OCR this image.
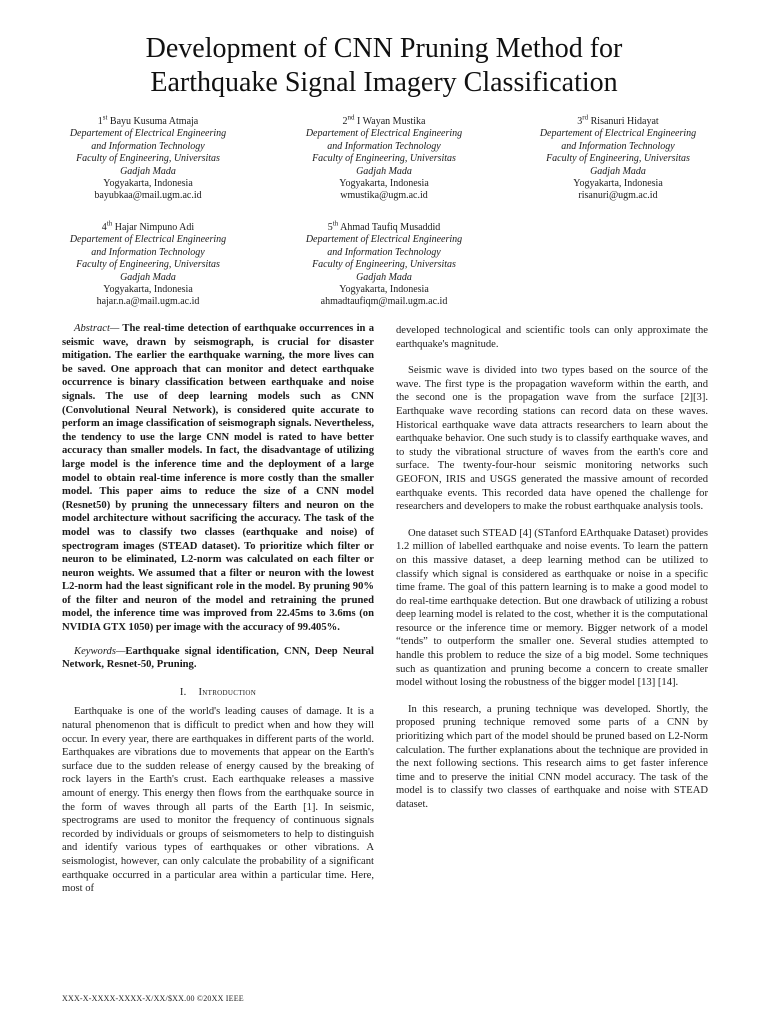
Development of CNN Pruning Method for
Earthquake Signal Imagery Classification
1st Bayu Kusuma Atmaja
Departement of Electrical Engineering
and Information Technology
Faculty of Engineering, Universitas
Gadjah Mada
Yogyakarta, Indonesia
bayubkaa@mail.ugm.ac.id
2nd I Wayan Mustika
Departement of Electrical Engineering
and Information Technology
Faculty of Engineering, Universitas
Gadjah Mada
Yogyakarta, Indonesia
wmustika@ugm.ac.id
3rd Risanuri Hidayat
Departement of Electrical Engineering
and Information Technology
Faculty of Engineering, Universitas
Gadjah Mada
Yogyakarta, Indonesia
risanuri@ugm.ac.id
4th Hajar Nimpuno Adi
Departement of Electrical Engineering
and Information Technology
Faculty of Engineering, Universitas
Gadjah Mada
Yogyakarta, Indonesia
hajar.n.a@mail.ugm.ac.id
5th Ahmad Taufiq Musaddid
Departement of Electrical Engineering
and Information Technology
Faculty of Engineering, Universitas
Gadjah Mada
Yogyakarta, Indonesia
ahmadtaufiqm@mail.ugm.ac.id

Abstract— The real-time detection of earthquake occurrences in a seismic wave, drawn by seismograph, is crucial for disaster mitigation. The earlier the earthquake warning, the more lives can be saved. One approach that can monitor and detect earthquake occurrence is binary classification between earthquake and noise signals. The use of deep learning models such as CNN (Convolutional Neural Network), is considered quite accurate to perform an image classification of seismograph signals. Nevertheless, the tendency to use the large CNN model is rated to have better accuracy than smaller models. In fact, the disadvantage of utilizing large model is the inference time and the deployment of a large model to obtain real-time inference is more costly than the smaller model. This paper aims to reduce the size of a CNN model (Resnet50) by pruning the unnecessary filters and neuron on the model architecture without sacrificing the accuracy. The task of the model was to classify two classes (earthquake and noise) of spectrogram images (STEAD dataset). To prioritize which filter or neuron to be eliminated, L2-norm was calculated on each filter or neuron weights. We assumed that a filter or neuron with the lowest L2-norm had the least significant role in the model. By pruning 90% of the filter and neuron of the model and retraining the pruned model, the inference time was improved from 22.45ms to 3.6ms (on NVIDIA GTX 1050) per image with the accuracy of 99.405%.

Keywords—Earthquake signal identification, CNN, Deep Neural Network, Resnet-50, Pruning.

I. Introduction

Earthquake is one of the world's leading causes of damage. It is a natural phenomenon that is difficult to predict when and how they will occur. In every year, there are earthquakes in different parts of the world. Earthquakes are vibrations due to movements that appear on the Earth's surface due to the sudden release of energy caused by the breaking of rock layers in the Earth's crust. Each earthquake releases a massive amount of energy. This energy then flows from the earthquake source in the form of waves through all parts of the Earth [1]. In seismic, spectrograms are used to monitor the frequency of continuous signals recorded by individuals or groups of seismometers to help to distinguish and identify various types of earthquakes or other vibrations. A seismologist, however, can only calculate the probability of a significant earthquake occurred in a particular area within a particular time. Here, most of

developed technological and scientific tools can only approximate the earthquake's magnitude.

Seismic wave is divided into two types based on the source of the wave. The first type is the propagation waveform within the earth, and the second one is the propagation wave from the surface [2][3]. Earthquake wave recording stations can record data on these waves. Historical earthquake wave data attracts researchers to learn about the earthquake behavior. One such study is to classify earthquake waves, and to study the vibrational structure of waves from the earth's core and surface. The twenty-four-hour seismic monitoring networks such GEOFON, IRIS and USGS generated the massive amount of recorded earthquake events. This recorded data have opened the challenge for researchers and developers to make the robust earthquake analysis tools.

One dataset such STEAD [4] (STanford EArthquake Dataset) provides 1.2 million of labelled earthquake and noise events. To learn the pattern on this massive dataset, a deep learning method can be utilized to classify which signal is considered as earthquake or noise in a specific time frame. The goal of this pattern learning is to make a good model to do real-time earthquake detection. But one drawback of utilizing a robust deep learning model is related to the cost, whether it is the computational resource or the inference time or memory. Bigger network of a model “tends” to outperform the smaller one. Several studies attempted to handle this problem to reduce the size of a big model. Some techniques such as quantization and pruning become a concern to create smaller model without losing the robustness of the bigger model [13] [14].

In this research, a pruning technique was developed. Shortly, the proposed pruning technique removed some parts of a CNN by prioritizing which part of the model should be pruned based on L2-Norm calculation. The further explanations about the technique are provided in the next following sections. This research aims to get faster inference time and to preserve the initial CNN model accuracy. The task of the model is to classify two classes of earthquake and noise with STEAD dataset.

XXX-X-XXXX-XXXX-X/XX/$XX.00 ©20XX IEEE
